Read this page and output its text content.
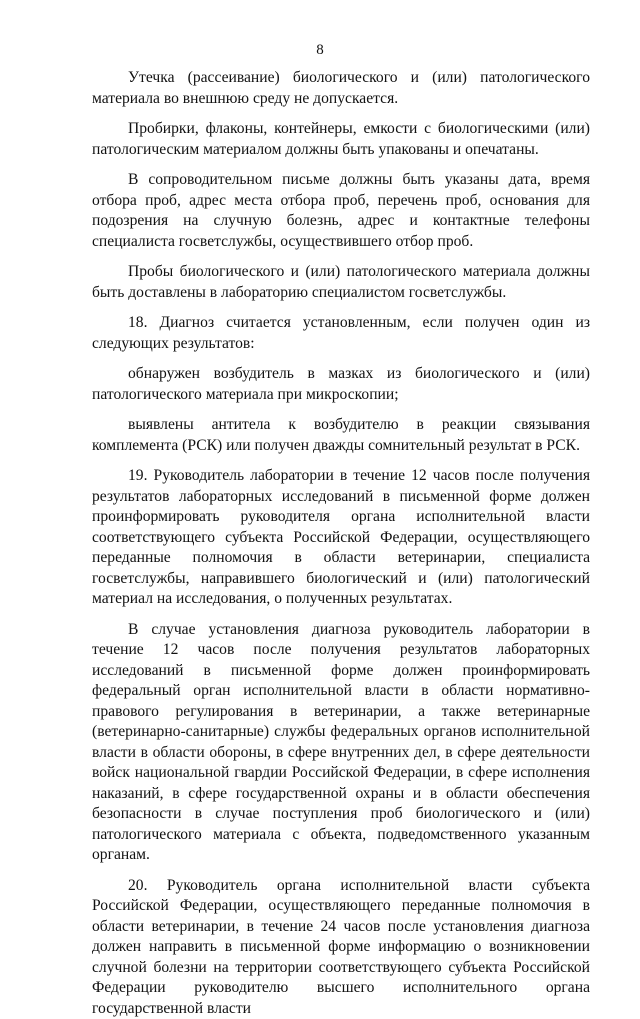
8

Утечка (рассеивание) биологического и (или) патологического материала во внешнюю среду не допускается.

Пробирки, флаконы, контейнеры, емкости с биологическими (или) патологическим материалом должны быть упакованы и опечатаны.

В сопроводительном письме должны быть указаны дата, время отбора проб, адрес места отбора проб, перечень проб, основания для подозрения на случную болезнь, адрес и контактные телефоны специалиста госветслужбы, осуществившего отбор проб.

Пробы биологического и (или) патологического материала должны быть доставлены в лабораторию специалистом госветслужбы.

18. Диагноз считается установленным, если получен один из следующих результатов:

обнаружен возбудитель в мазках из биологического и (или) патологического материала при микроскопии;

выявлены антитела к возбудителю в реакции связывания комплемента (РСК) или получен дважды сомнительный результат в РСК.

19. Руководитель лаборатории в течение 12 часов после получения результатов лабораторных исследований в письменной форме должен проинформировать руководителя органа исполнительной власти соответствующего субъекта Российской Федерации, осуществляющего переданные полномочия в области ветеринарии, специалиста госветслужбы, направившего биологический и (или) патологический материал на исследования, о полученных результатах.

В случае установления диагноза руководитель лаборатории в течение 12 часов после получения результатов лабораторных исследований в письменной форме должен проинформировать федеральный орган исполнительной власти в области нормативно-правового регулирования в ветеринарии, а также ветеринарные (ветеринарно-санитарные) службы федеральных органов исполнительной власти в области обороны, в сфере внутренних дел, в сфере деятельности войск национальной гвардии Российской Федерации, в сфере исполнения наказаний, в сфере государственной охраны и в области обеспечения безопасности в случае поступления проб биологического и (или) патологического материала с объекта, подведомственного указанным органам.

20. Руководитель органа исполнительной власти субъекта Российской Федерации, осуществляющего переданные полномочия в области ветеринарии, в течение 24 часов после установления диагноза должен направить в письменной форме информацию о возникновении случной болезни на территории соответствующего субъекта Российской Федерации руководителю высшего исполнительного органа государственной власти
